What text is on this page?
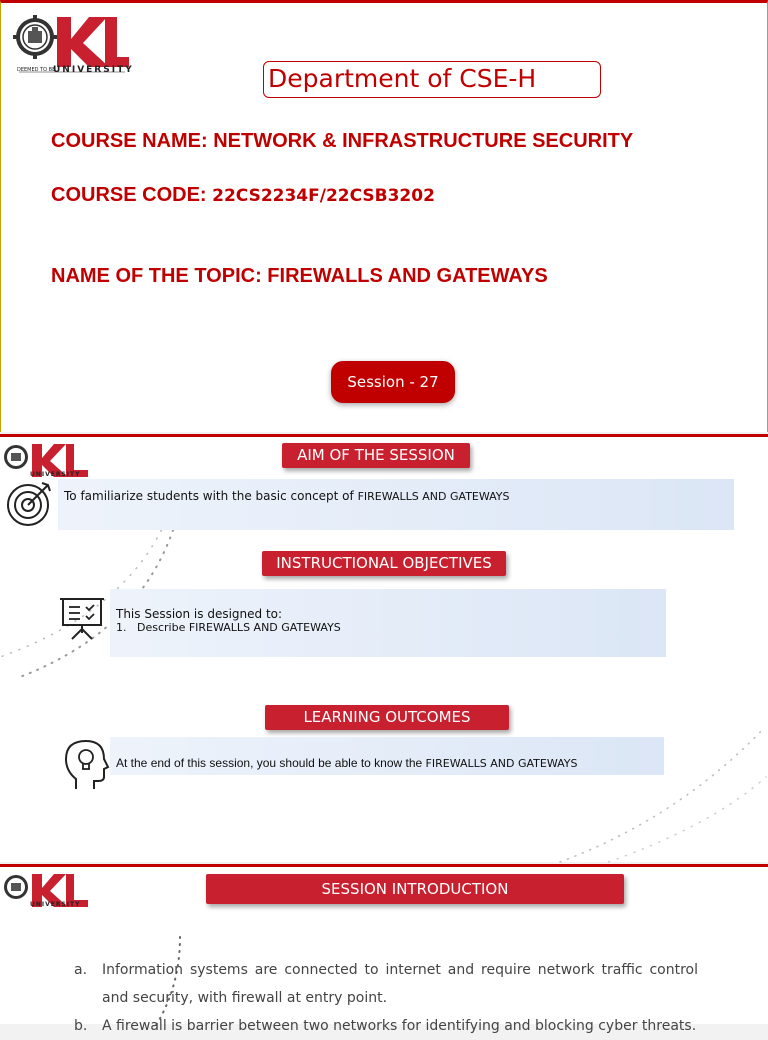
DEEMED TO BE
UNIVERSITY	Department of CSE-H
COURSE NAME: NETWORK & INFRASTRUCTURE SECURITY
COURSE CODE: 22CS2234F/22CSB3202
NAME OF THE TOPIC: FIREWALLS AND GATEWAYS
Session - 27
UNIVERSITY
AIM OF THE SESSION
To familiarize students with the basic concept of FIREWALLS AND GATEWAYS
INSTRUCTIONAL OBJECTIVES
This Session is designed to:
1. Describe FIREWALLS AND GATEWAYS
LEARNING OUTCOMES
At the end of this session, you should be able to know the FIREWALLS AND GATEWAYS
UNIVERSITY
SESSION INTRODUCTION
a. Information systems are connected to internet and require network traffic control and security, with firewall at entry point.
b. A firewall is barrier between two networks for identifying and blocking cyber threats.
